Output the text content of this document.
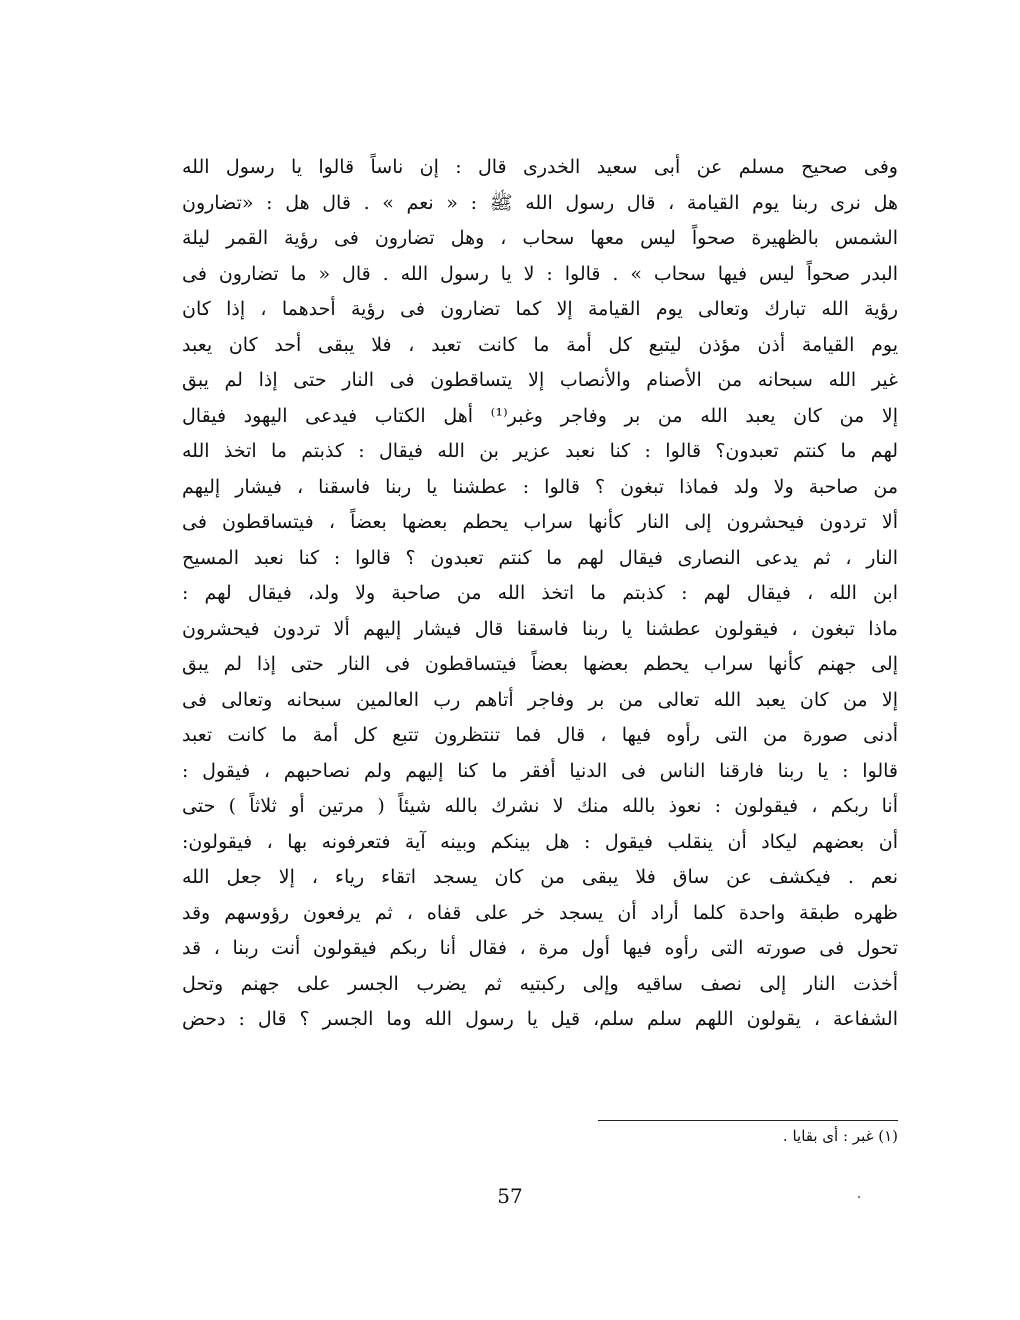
وفى صحيح مسلم عن أبى سعيد الخدرى قال : إن ناساً قالوا يا رسول الله
هل نرى ربنا يوم القيامة ، قال رسول الله ﷺ : « نعم » . قال هل : «تضارون
الشمس بالظهيرة صحواً ليس معها سحاب ، وهل تضارون فى رؤية القمر ليلة
البدر صحواً ليس فيها سحاب » . قالوا : لا يا رسول الله . قال « ما تضارون فى
رؤية الله تبارك وتعالى يوم القيامة إلا كما تضارون فى رؤية أحدهما ، إذا كان
يوم القيامة أذن مؤذن ليتبع كل أمة ما كانت تعبد ، فلا يبقى أحد كان يعبد
غير الله سبحانه من الأصنام والأنصاب إلا يتساقطون فى النار حتى إذا لم يبق
إلا من كان يعبد الله من بر وفاجر وغبر⁽¹⁾ أهل الكتاب فيدعى اليهود فيقال
لهم ما كنتم تعبدون؟ قالوا : كنا نعبد عزير بن الله فيقال : كذبتم ما اتخذ الله
من صاحبة ولا ولد فماذا تبغون ؟ قالوا : عطشنا يا ربنا فاسقنا ، فيشار إليهم
ألا تردون فيحشرون إلى النار كأنها سراب يحطم بعضها بعضاً ، فيتساقطون فى
النار ، ثم يدعى النصارى فيقال لهم ما كنتم تعبدون ؟ قالوا : كنا نعبد المسيح
ابن الله ، فيقال لهم : كذبتم ما اتخذ الله من صاحبة ولا ولد، فيقال لهم :
ماذا تبغون ، فيقولون عطشنا يا ربنا فاسقنا قال فيشار إليهم ألا تردون فيحشرون
إلى جهنم كأنها سراب يحطم بعضها بعضاً فيتساقطون فى النار حتى إذا لم يبق
إلا من كان يعبد الله تعالى من بر وفاجر أتاهم رب العالمين سبحانه وتعالى فى
أدنى صورة من التى رأوه فيها ، قال فما تنتظرون تتبع كل أمة ما كانت تعبد
قالوا : يا ربنا فارقنا الناس فى الدنيا أفقر ما كنا إليهم ولم نصاحبهم ، فيقول :
أنا ربكم ، فيقولون : نعوذ بالله منك لا نشرك بالله شيئاً ( مرتين أو ثلاثاً ) حتى
أن بعضهم ليكاد أن ينقلب فيقول : هل بينكم وبينه آية فتعرفونه بها ، فيقولون:
نعم . فيكشف عن ساق فلا يبقى من كان يسجد اتقاء رياء ، إلا جعل الله
ظهره طبقة واحدة كلما أراد أن يسجد خر على قفاه ، ثم يرفعون رؤوسهم وقد
تحول فى صورته التى رأوه فيها أول مرة ، فقال أنا ربكم فيقولون أنت ربنا ، قد
أخذت النار إلى نصف ساقيه وإلى ركبتيه ثم يضرب الجسر على جهنم وتحل
الشفاعة ، يقولون اللهم سلم سلم، قيل يا رسول الله وما الجسر ؟ قال : دحض
(١) غبر : أى بقايا .
57
